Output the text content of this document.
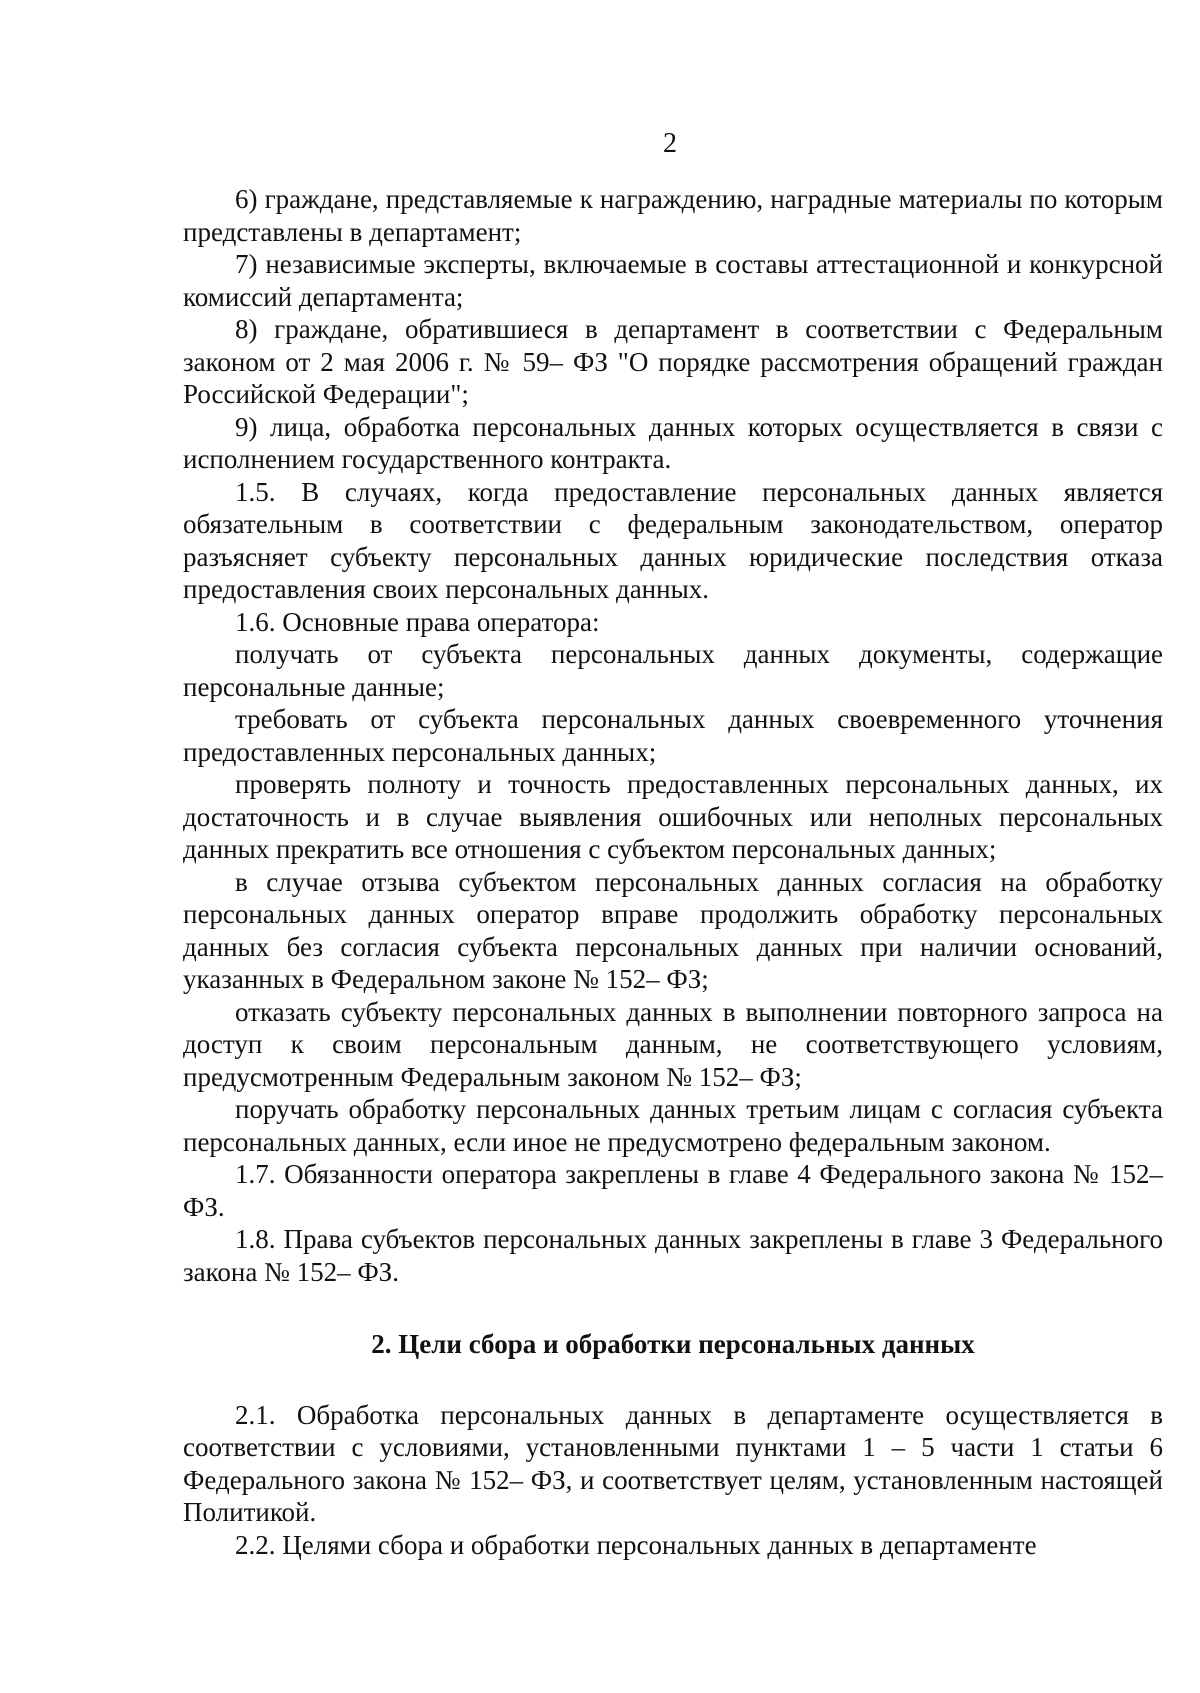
2

6) граждане, представляемые к награждению, наградные материалы по которым представлены в департамент;

7) независимые эксперты, включаемые в составы аттестационной и конкурсной комиссий департамента;

8) граждане, обратившиеся в департамент в соответствии с Федеральным законом от 2 мая 2006 г. № 59– ФЗ "О порядке рассмотрения обращений граждан Российской Федерации";

9) лица, обработка персональных данных которых осуществляется в связи с исполнением государственного контракта.

1.5. В случаях, когда предоставление персональных данных является обязательным в соответствии с федеральным законодательством, оператор разъясняет субъекту персональных данных юридические последствия отказа предоставления своих персональных данных.

1.6. Основные права оператора:

получать от субъекта персональных данных документы, содержащие персональные данные;

требовать от субъекта персональных данных своевременного уточнения предоставленных персональных данных;

проверять полноту и точность предоставленных персональных данных, их достаточность и в случае выявления ошибочных или неполных персональных данных прекратить все отношения с субъектом персональных данных;

в случае отзыва субъектом персональных данных согласия на обработку персональных данных оператор вправе продолжить обработку персональных данных без согласия субъекта персональных данных при наличии оснований, указанных в Федеральном законе № 152– ФЗ;

отказать субъекту персональных данных в выполнении повторного запроса на доступ к своим персональным данным, не соответствующего условиям, предусмотренным Федеральным законом № 152– ФЗ;

поручать обработку персональных данных третьим лицам с согласия субъекта персональных данных, если иное не предусмотрено федеральным законом.

1.7. Обязанности оператора закреплены в главе 4 Федерального закона № 152– ФЗ.

1.8. Права субъектов персональных данных закреплены в главе 3 Федерального закона № 152– ФЗ.

2. Цели сбора и обработки персональных данных

2.1. Обработка персональных данных в департаменте осуществляется в соответствии с условиями, установленными пунктами 1 – 5 части 1 статьи 6 Федерального закона № 152– ФЗ, и соответствует целям, установленным настоящей Политикой.

2.2. Целями сбора и обработки персональных данных в департаменте
